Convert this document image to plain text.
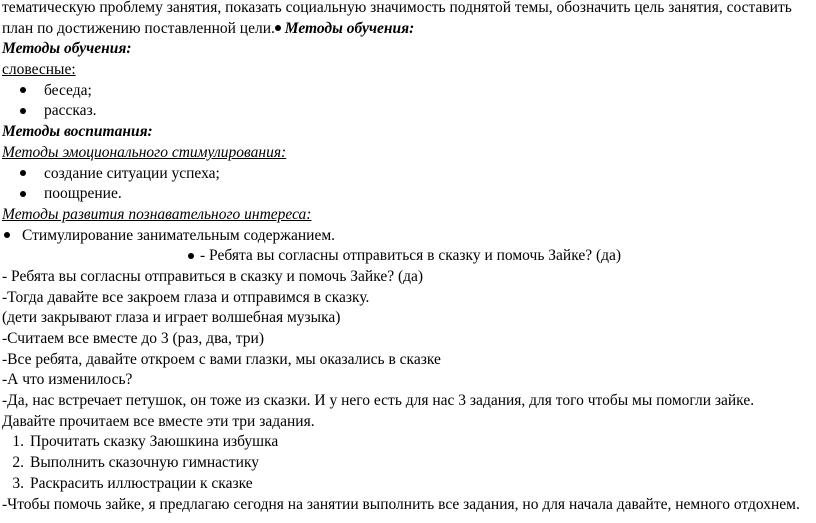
тематическую проблему занятия, показать социальную значимость поднятой темы, обозначить цель занятия, составить
план по достижению поставленной цели. Методы обучения:
Методы обучения:
словесные:
беседа;
рассказ.
Методы воспитания:
Методы эмоционального стимулирования:
создание ситуации успеха;
поощрение.
Методы развития познавательного интереса:
Стимулирование занимательным содержанием.
- Ребята вы согласны отправиться в сказку и помочь Зайке? (да)
- Ребята вы согласны отправиться в сказку и помочь Зайке? (да)
-Тогда давайте все закроем глаза и отправимся в сказку.
(дети закрывают глаза и играет волшебная музыка)
-Считаем все вместе до 3 (раз, два, три)
-Все ребята, давайте откроем с вами глазки, мы оказались в сказке
-А что изменилось?
-Да, нас встречает петушок, он тоже из сказки. И у него есть для нас 3 задания, для того чтобы мы помогли зайке.
Давайте прочитаем все вместе эти три задания.
1. Прочитать сказку Заюшкина избушка
2. Выполнить сказочную гимнастику
3. Раскрасить иллюстрации к сказке
-Чтобы помочь зайке, я предлагаю сегодня на занятии выполнить все задания, но для начала давайте, немного отдохнем.
